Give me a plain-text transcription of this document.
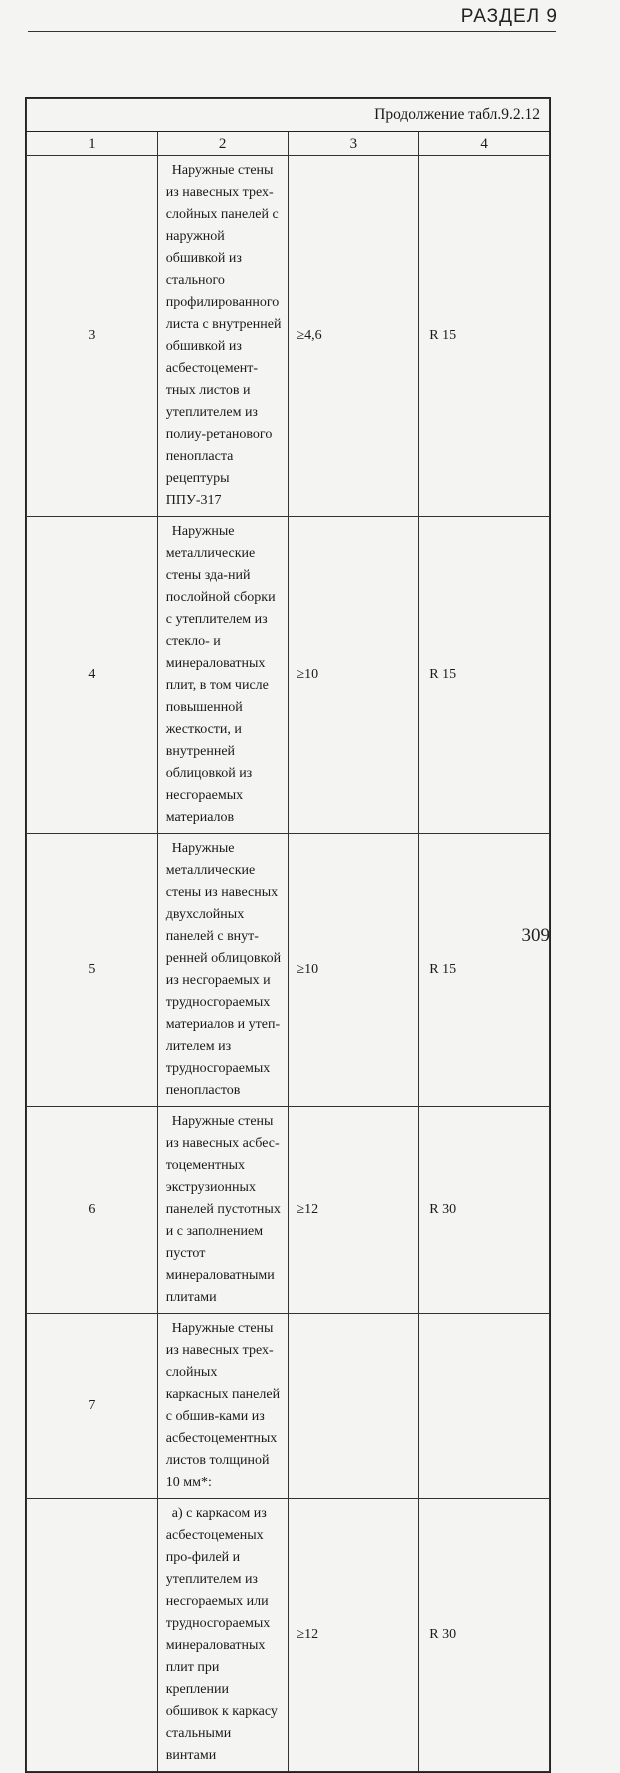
РАЗДЕЛ 9
Продолжение табл.9.2.12			
1	2	3	4
3	Наружные стены из навесных трех-слойных панелей с наружной обшивкой из стального профилированного листа с внутренней обшивкой из асбестоцемент-тных листов и утеплителем из полиу-ретанового пенопласта рецептуры ППУ-317	≥4,6	R 15
4	Наружные металлические стены зда-ний послойной сборки с утеплителем из стекло- и минераловатных плит, в том числе повышенной жесткости, и внутренней облицовкой из несгораемых материалов	≥10	R 15
5	Наружные металлические стены из навесных двухслойных панелей с внут-ренней облицовкой из несгораемых и трудносгораемых материалов и утеп-лителем из трудносгораемых пенопластов	≥10	R 15
6	Наружные стены из навесных асбес-тоцементных экструзионных панелей пустотных и с заполнением пустот минераловатными плитами	≥12	R 30
7	Наружные стены из навесных трех-слойных каркасных панелей с обшив-ками из асбестоцементных листов толщиной 10 мм*:		

	а) с каркасом из асбестоцемeных про-филей и утеплителем из несгораемых или трудносгораемых минераловатных плит при креплении обшивок к каркасу стальными винтами	≥12	R 30
309
